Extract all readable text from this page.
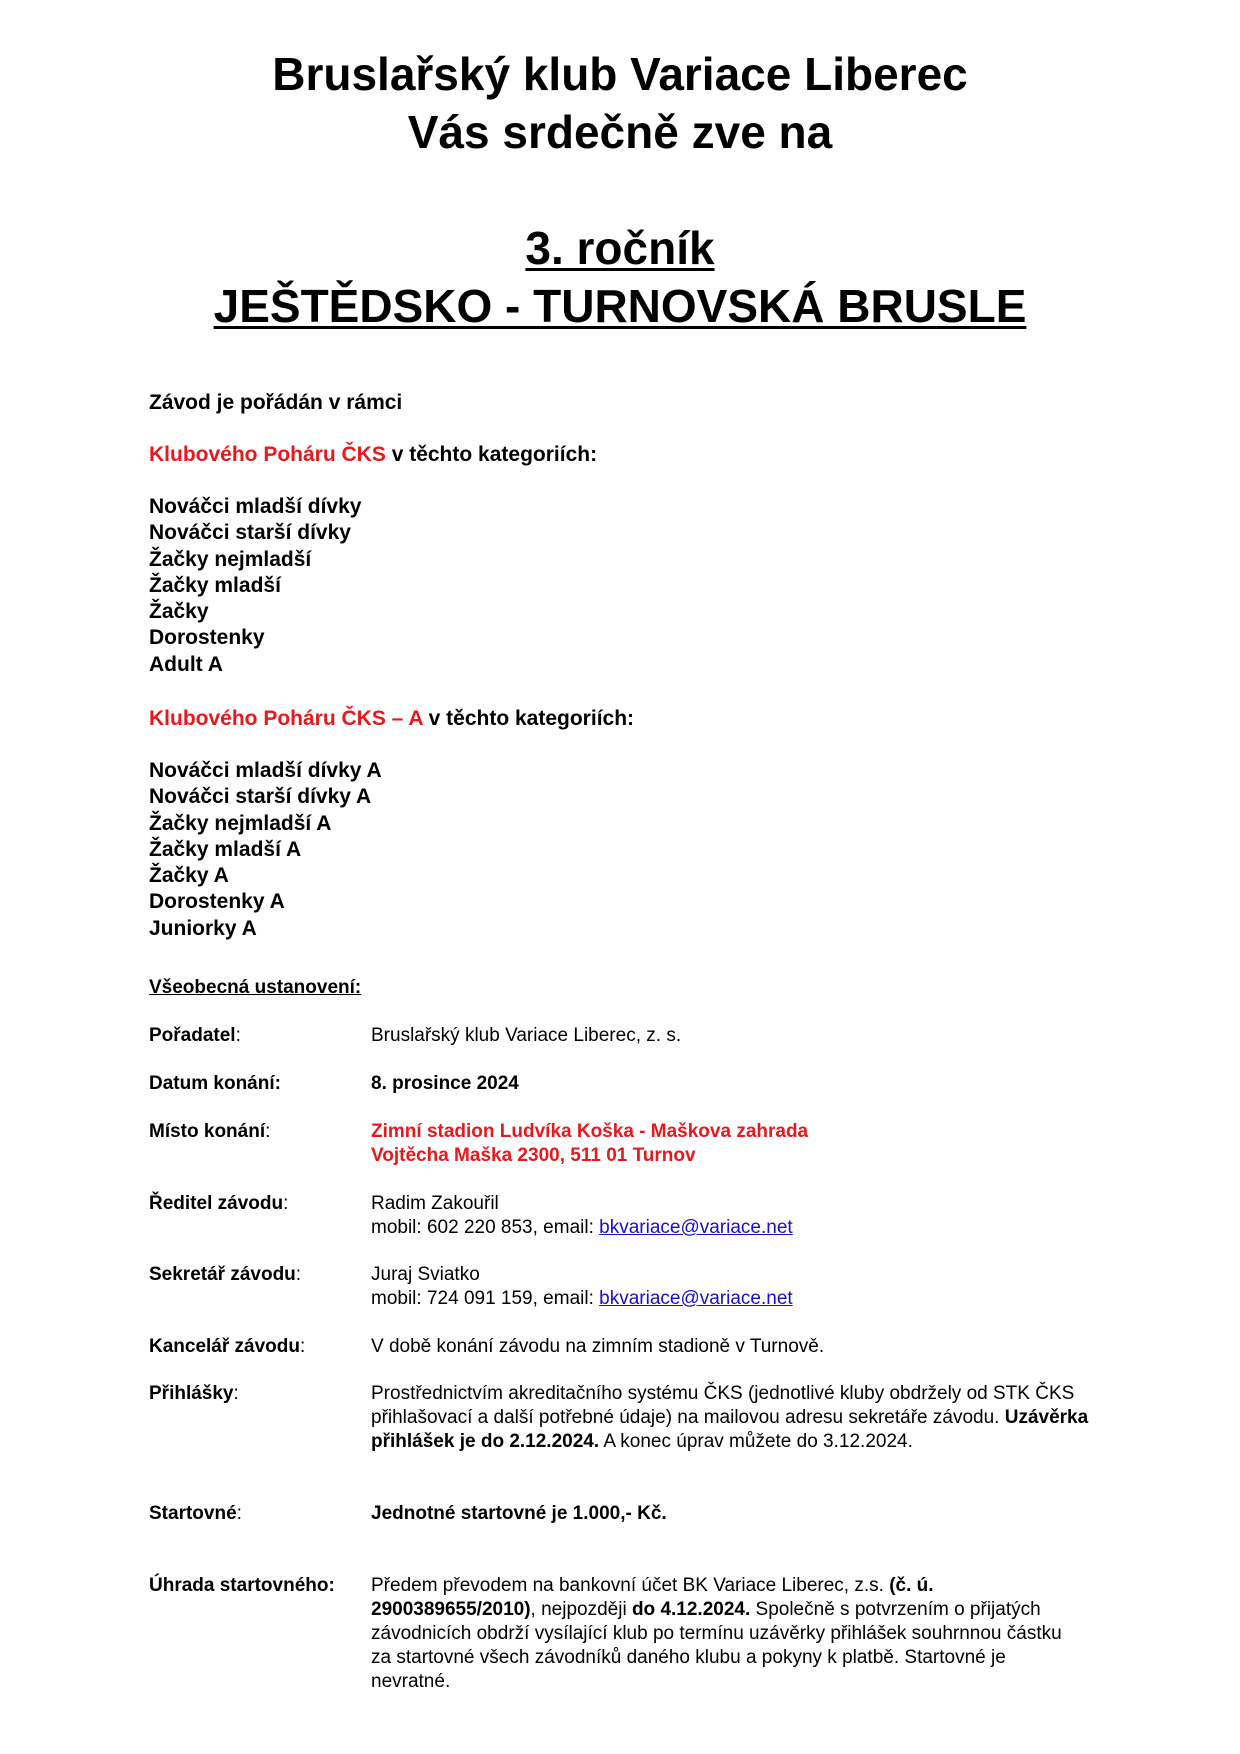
Bruslařský klub Variace Liberec
Vás srdečně zve na
3. ročník
JEŠTĚDSKO - TURNOVSKÁ BRUSLE
Závod je pořádán v rámci
Klubového Poháru ČKS v těchto kategoriích:
Nováčci mladší dívky
Nováčci starší dívky
Žačky nejmladší
Žačky mladší
Žačky
Dorostenky
Adult A
Klubového Poháru ČKS – A v těchto kategoriích:
Nováčci mladší dívky A
Nováčci starší dívky A
Žačky nejmladší A
Žačky mladší A
Žačky A
Dorostenky A
Juniorky A
Všeobecná ustanovení:
Pořadatel:	Bruslařský klub Variace Liberec, z. s.
Datum konání:	8. prosince 2024
Místo konání:	Zimní stadion Ludvíka Koška - Maškova zahrada
Vojtěcha Maška 2300, 511 01 Turnov
Ředitel závodu:	Radim Zakouřil
mobil: 602 220 853, email: bkvariace@variace.net
Sekretář závodu:	Juraj Sviatko
mobil: 724 091 159, email: bkvariace@variace.net
Kancelář závodu:	V době konání závodu na zimním stadioně v Turnově.
Přihlášky:	Prostřednictvím akreditačního systému ČKS (jednotlivé kluby obdržely od STK ČKS přihlašovací a další potřebné údaje) na mailovou adresu sekretáře závodu. Uzávěrka přihlášek je do 2.12.2024. A konec úprav můžete do 3.12.2024.
Startovné:	Jednotné startovné je 1.000,- Kč.
Úhrada startovného: Předem převodem na bankovní účet BK Variace Liberec, z.s. (č. ú. 2900389655/2010), nejpozději do 4.12.2024. Společně s potvrzením o přijatých závodnicích obdrží vysílající klub po termínu uzávěrky přihlášek souhrnnou částku za startovné všech závodníků daného klubu a pokyny k platbě. Startovné je nevratné.
